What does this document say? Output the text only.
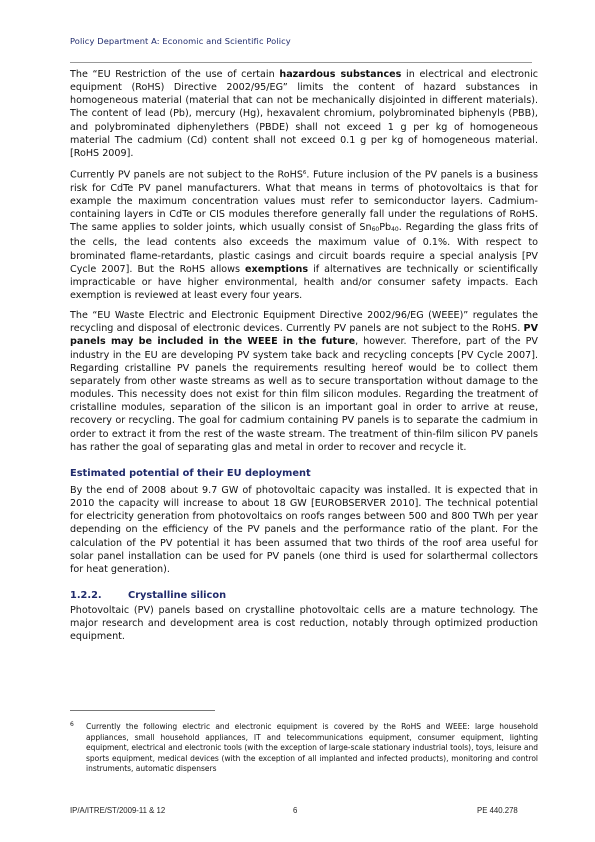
Policy Department A: Economic and Scientific Policy

The “EU Restriction of the use of certain hazardous substances in electrical and electronic equipment (RoHS) Directive 2002/95/EG” limits the content of hazard substances in homogeneous material (material that can not be mechanically disjointed in different materials). The content of lead (Pb), mercury (Hg), hexavalent chromium, polybrominated biphenyls (PBB), and polybrominated diphenylethers (PBDE) shall not exceed 1 g per kg of homogeneous material The cadmium (Cd) content shall not exceed 0.1 g per kg of homogeneous material. [RoHS 2009].

Currently PV panels are not subject to the RoHS$^6$. Future inclusion of the PV panels is a business risk for CdTe PV panel manufacturers. What that means in terms of photovoltaics is that for example the maximum concentration values must refer to semiconductor layers. Cadmium-containing layers in CdTe or CIS modules therefore generally fall under the regulations of RoHS. The same applies to solder joints, which usually consist of Sn60Pb40. Regarding the glass frits of the cells, the lead contents also exceeds the maximum value of 0.1%. With respect to brominated flame-retardants, plastic casings and circuit boards require a special analysis [PV Cycle 2007]. But the RoHS allows exemptions if alternatives are technically or scientifically impracticable or have higher environmental, health and/or consumer safety impacts. Each exemption is reviewed at least every four years.

The “EU Waste Electric and Electronic Equipment Directive 2002/96/EG (WEEE)” regulates the recycling and disposal of electronic devices. Currently PV panels are not subject to the RoHS. PV panels may be included in the WEEE in the future, however. Therefore, part of the PV industry in the EU are developing PV system take back and recycling concepts [PV Cycle 2007]. Regarding cristalline PV panels the requirements resulting hereof would be to collect them separately from other waste streams as well as to secure transportation without damage to the modules. This necessity does not exist for thin film silicon modules. Regarding the treatment of cristalline modules, separation of the silicon is an important goal in order to arrive at reuse, recovery or recycling. The goal for cadmium containing PV panels is to separate the cadmium in order to extract it from the rest of the waste stream. The treatment of thin-film silicon PV panels has rather the goal of separating glas and metal in order to recover and recycle it.

Estimated potential of their EU deployment

By the end of 2008 about 9.7 GW of photovoltaic capacity was installed. It is expected that in 2010 the capacity will increase to about 18 GW [EUROBSERVER 2010]. The technical potential for electricity generation from photovoltaics on roofs ranges between 500 and 800 TWh per year depending on the efficiency of the PV panels and the performance ratio of the plant. For the calculation of the PV potential it has been assumed that two thirds of the roof area useful for solar panel installation can be used for PV panels (one third is used for solarthermal collectors for heat generation).

1.2.2.	Crystalline silicon

Photovoltaic (PV) panels based on crystalline photovoltaic cells are a mature technology. The major research and development area is cost reduction, notably through optimized production equipment.

6	Currently the following electric and electronic equipment is covered by the RoHS and WEEE: large household appliances, small household appliances, IT and telecommunications equipment, consumer equipment, lighting equipment, electrical and electronic tools (with the exception of large-scale stationary industrial tools), toys, leisure and sports equipment, medical devices (with the exception of all implanted and infected products), monitoring and control instruments, automatic dispensers
IP/A/ITRE/ST/2009-11 & 12	6	PE 440.278
